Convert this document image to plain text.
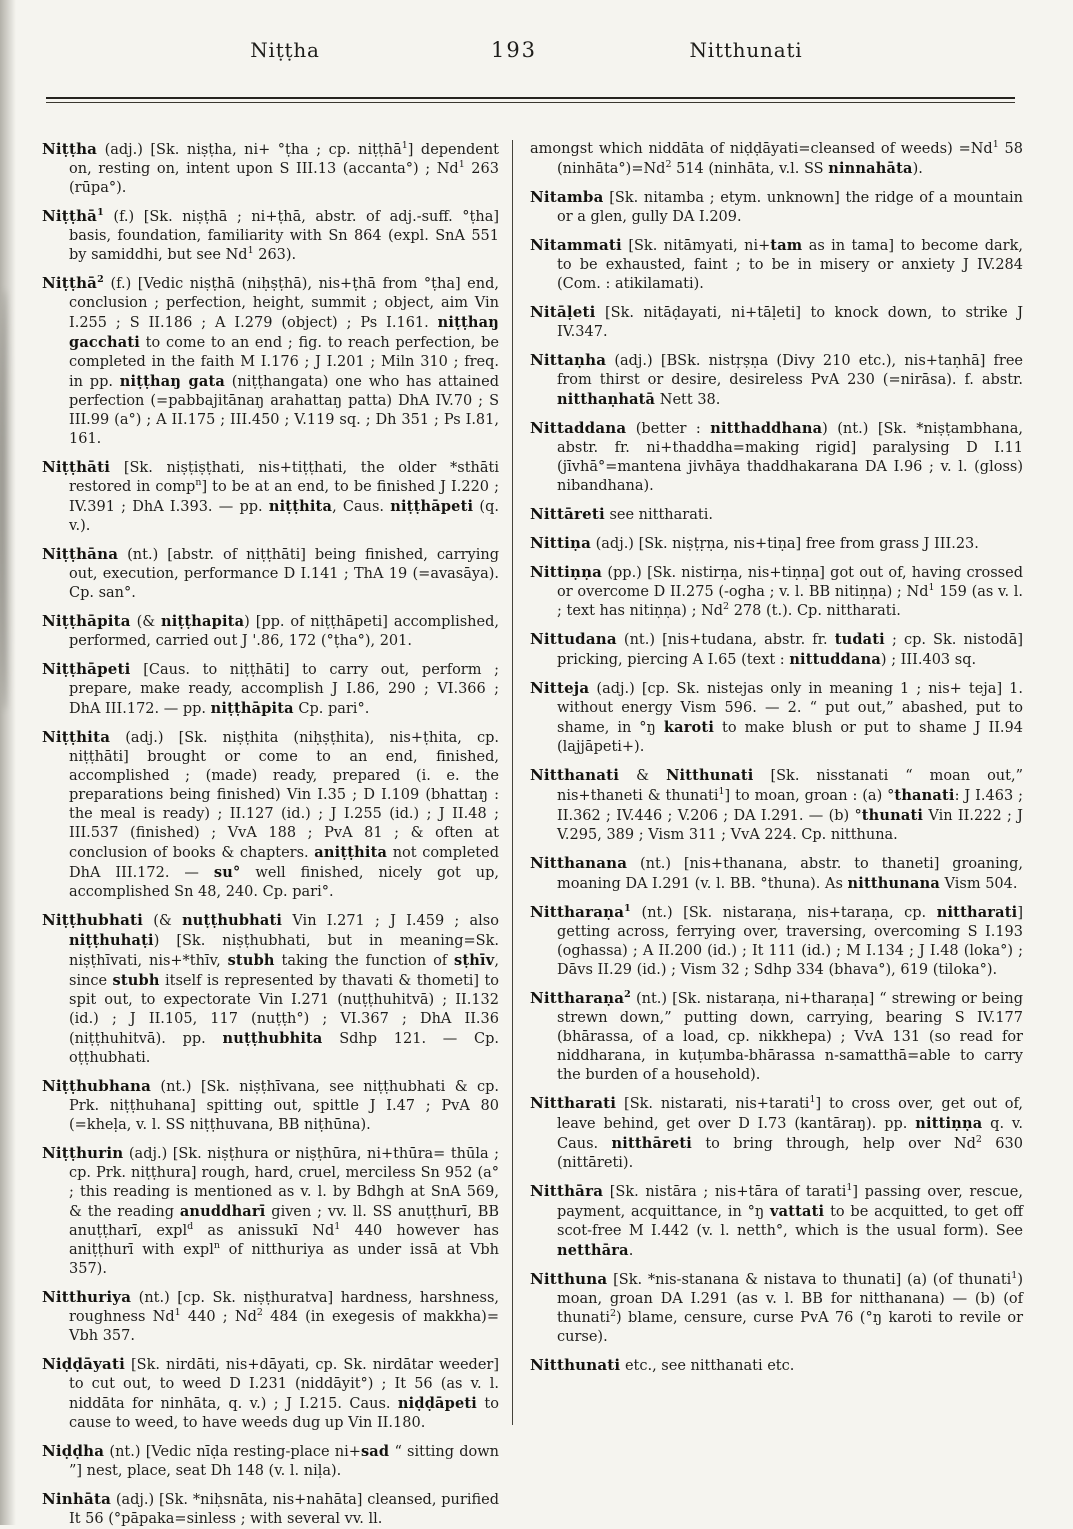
Niṭṭha	193	Nitthunati

Niṭṭha (adj.) [Sk. niṣṭha, ni+ °ṭha ; cp. niṭṭhā$^1$] dependent on, resting on, intent upon S III.13 (accanta°) ; Nd$^1$ 263 (rūpa°).

Niṭṭhā$^1$ (f.) [Sk. niṣṭhā ; ni+ṭhā, abstr. of adj.-suff. °ṭha] basis, foundation, familiarity with Sn 864 (expl. SnA 551 by samiddhi, but see Nd$^1$ 263).

Niṭṭhā$^2$ (f.) [Vedic niṣṭhā (niḥṣṭhā), nis+ṭhā from °ṭha] end, conclusion ; perfection, height, summit ; object, aim Vin I.255 ; S II.186 ; A I.279 (object) ; Ps I.161. niṭṭhaŋ gacchati to come to an end ; fig. to reach perfection, be completed in the faith M I.176 ; J I.201 ; Miln 310 ; freq. in pp. niṭṭhaŋ gata (niṭṭhangata) one who has attained perfection (=pabbajitānaŋ arahattaŋ patta) DhA IV.70 ; S III.99 (a°) ; A II.175 ; III.450 ; V.119 sq. ; Dh 351 ; Ps I.81, 161.

Niṭṭhāti [Sk. niṣṭiṣṭhati, nis+tiṭṭhati, the older *sthāti restored in comp$^n$] to be at an end, to be finished J I.220 ; IV.391 ; DhA I.393. — pp. niṭṭhita, Caus. niṭṭhāpeti (q. v.).

Niṭṭhāna (nt.) [abstr. of niṭṭhāti] being finished, carrying out, execution, performance D I.141 ; ThA 19 (=avasāya). Cp. san°.

Niṭṭhāpita (& niṭṭhapita) [pp. of niṭṭhāpeti] accomplished, performed, carried out J '.86, 172 (°ṭha°), 201.

Niṭṭhāpeti [Caus. to niṭṭhāti] to carry out, perform ; prepare, make ready, accomplish J I.86, 290 ; VI.366 ; DhA III.172. — pp. niṭṭhāpita Cp. pari°.

Niṭṭhita (adj.) [Sk. niṣṭhita (niḥṣṭhita), nis+ṭhita, cp. niṭṭhāti] brought or come to an end, finished, accomplished ; (made) ready, prepared (i. e. the preparations being finished) Vin I.35 ; D I.109 (bhattaŋ : the meal is ready) ; II.127 (id.) ; J I.255 (id.) ; J II.48 ; III.537 (finished) ; VvA 188 ; PvA 81 ; & often at conclusion of books & chapters. aniṭṭhita not completed DhA III.172. — su° well finished, nicely got up, accomplished Sn 48, 240. Cp. pari°.

Niṭṭhubhati (& nuṭṭhubhati Vin I.271 ; J I.459 ; also niṭṭhuhaṭi) [Sk. niṣṭhubhati, but in meaning=Sk. niṣṭhīvati, nis+*thīv, stubh taking the function of sṭhīv, since stubh itself is represented by thavati & thometi] to spit out, to expectorate Vin I.271 (nuṭṭhuhitvā) ; II.132 (id.) ; J II.105, 117 (nuṭṭh°) ; VI.367 ; DhA II.36 (niṭṭhuhitvā). pp. nuṭṭhubhita Sdhp 121. — Cp. oṭṭhubhati.

Niṭṭhubhana (nt.) [Sk. niṣṭhīvana, see niṭṭhubhati & cp. Prk. niṭṭhuhana] spitting out, spittle J I.47 ; PvA 80 (=kheḷa, v. l. SS niṭṭhuvana, BB niṭhūna).

Niṭṭhurin (adj.) [Sk. niṣṭhura or niṣṭhūra, ni+thūra= thūla ; cp. Prk. niṭṭhura] rough, hard, cruel, merciless Sn 952 (a° ; this reading is mentioned as v. l. by Bdhgh at SnA 569, & the reading anuddharī given ; vv. ll. SS anuṭṭhurī, BB anuṭṭharī, expl$^d$ as anissukī Nd$^1$ 440 however has aniṭṭhurī with expl$^n$ of nitthuriya as under issā at Vbh 357).

Nitthuriya (nt.) [cp. Sk. niṣṭhuratva] hardness, harshness, roughness Nd$^1$ 440 ; Nd$^2$ 484 (in exegesis of makkha)= Vbh 357.

Niḍḍāyati [Sk. nirdāti, nis+dāyati, cp. Sk. nirdātar weeder] to cut out, to weed D I.231 (niddāyit°) ; It 56 (as v. l. niddāta for ninhāta, q. v.) ; J I.215. Caus. niḍḍāpeti to cause to weed, to have weeds dug up Vin II.180.

Niḍḍha (nt.) [Vedic nīḍa resting-place ni+sad “ sitting down ”] nest, place, seat Dh 148 (v. l. niḷa).

Ninhāta (adj.) [Sk. *niḥsnāta, nis+nahāta] cleansed, purified It 56 (°pāpaka=sinless ; with several vv. ll.

amongst which niddāta of niḍḍāyati=cleansed of weeds) $=Nd^1$ 58 $(ninhāta^\circ)=Nd^2$ 514 (ninhāta, v.l. SS ninnahāta).

Nitamba [Sk. nitamba ; etym. unknown] the ridge of a mountain or a glen, gully DA I.209.

Nitammati [Sk. nitāmyati, ni+tam as in tama] to become dark, to be exhausted, faint ; to be in misery or anxiety J IV.284 (Com. : atikilamati).

Nitāḷeti [Sk. nitāḍayati, ni+tāḷeti] to knock down, to strike J IV.347.

Nittaṇha (adj.) [BSk. nistṛṣṇa (Divy 210 etc.), nis+taṇhā] free from thirst or desire, desireless PvA 230 (=nirāsa). f. abstr. nitthaṇhatā Nett 38.

Nittaddana (better : nitthaddhana) (nt.) [Sk. *niṣṭambhana, abstr. fr. ni+thaddha=making rigid] paralysing D I.11 (jīvhā°=mantena jivhāya thaddhakarana DA I.96 ; v. l. (gloss) nibandhana).

Nittāreti see nittharati.

Nittiṇa (adj.) [Sk. niṣṭṛṇa, nis+tiṇa] free from grass J III.23.

Nittiṇṇa (pp.) [Sk. nistirṇa, nis+tiṇṇa] got out of, having crossed or overcome D II.275 (-ogha ; v. l. BB nitiṇṇa) ; Nd$^1$ 159 (as v. l. ; text has nitiṇṇa) ; Nd$^2$ 278 (t.). Cp. nittharati.

Nittudana (nt.) [nis+tudana, abstr. fr. tudati ; cp. Sk. nistodā] pricking, piercing A I.65 (text : nittuddana) ; III.403 sq.

Nitteja (adj.) [cp. Sk. nistejas only in meaning 1 ; nis+ teja] 1. without energy Vism 596. — 2. “ put out,” abashed, put to shame, in °ŋ karoti to make blush or put to shame J II.94 (lajjāpeti+).

Nitthanati & Nitthunati [Sk. nisstanati “ moan out,” nis+thaneti & thunati$^1$] to moan, groan : (a) °thanati: J I.463 ; II.362 ; IV.446 ; V.206 ; DA I.291. — (b) °thunati Vin II.222 ; J V.295, 389 ; Vism 311 ; VvA 224. Cp. nitthuna.

Nitthanana (nt.) [nis+thanana, abstr. to thaneti] groaning, moaning DA I.291 (v. l. BB. °thuna). As nitthunana Vism 504.

Nittharaṇa$^1$ (nt.) [Sk. nistaraṇa, nis+taraṇa, cp. nittharati] getting across, ferrying over, traversing, overcoming S I.193 (oghassa) ; A II.200 (id.) ; It 111 (id.) ; M I.134 ; J I.48 (loka°) ; Dāvs II.29 (id.) ; Vism 32 ; Sdhp 334 (bhava°), 619 (tiloka°).

Nittharaṇa$^2$ (nt.) [Sk. nistaraṇa, ni+tharaṇa] “ strewing or being strewn down,” putting down, carrying, bearing S IV.177 (bhārassa, of a load, cp. nikkhepa) ; VvA 131 (so read for niddharana, in kuṭumba-bhārassa n-samatthā=able to carry the burden of a household).

Nittharati [Sk. nistarati, nis+tarati$^1$] to cross over, get out of, leave behind, get over D I.73 (kantāraŋ). pp. nittiṇṇa q. v. Caus. nitthāreti to bring through, help over Nd$^2$ 630 (nittāreti).

Nitthāra [Sk. nistāra ; nis+tāra of tarati$^1$] passing over, rescue, payment, acquittance, in °ŋ vattati to be acquitted, to get off scot-free M I.442 (v. l. netth°, which is the usual form). See netthāra.

Nitthuna [Sk. *nis-stanana & nistava to thunati] (a) (of thunati$^1$) moan, groan DA I.291 (as v. l. BB for nitthanana) — (b) (of thunati$^2$) blame, censure, curse PvA 76 (°ŋ karoti to revile or curse).

Nitthunati etc., see nitthanati etc.
